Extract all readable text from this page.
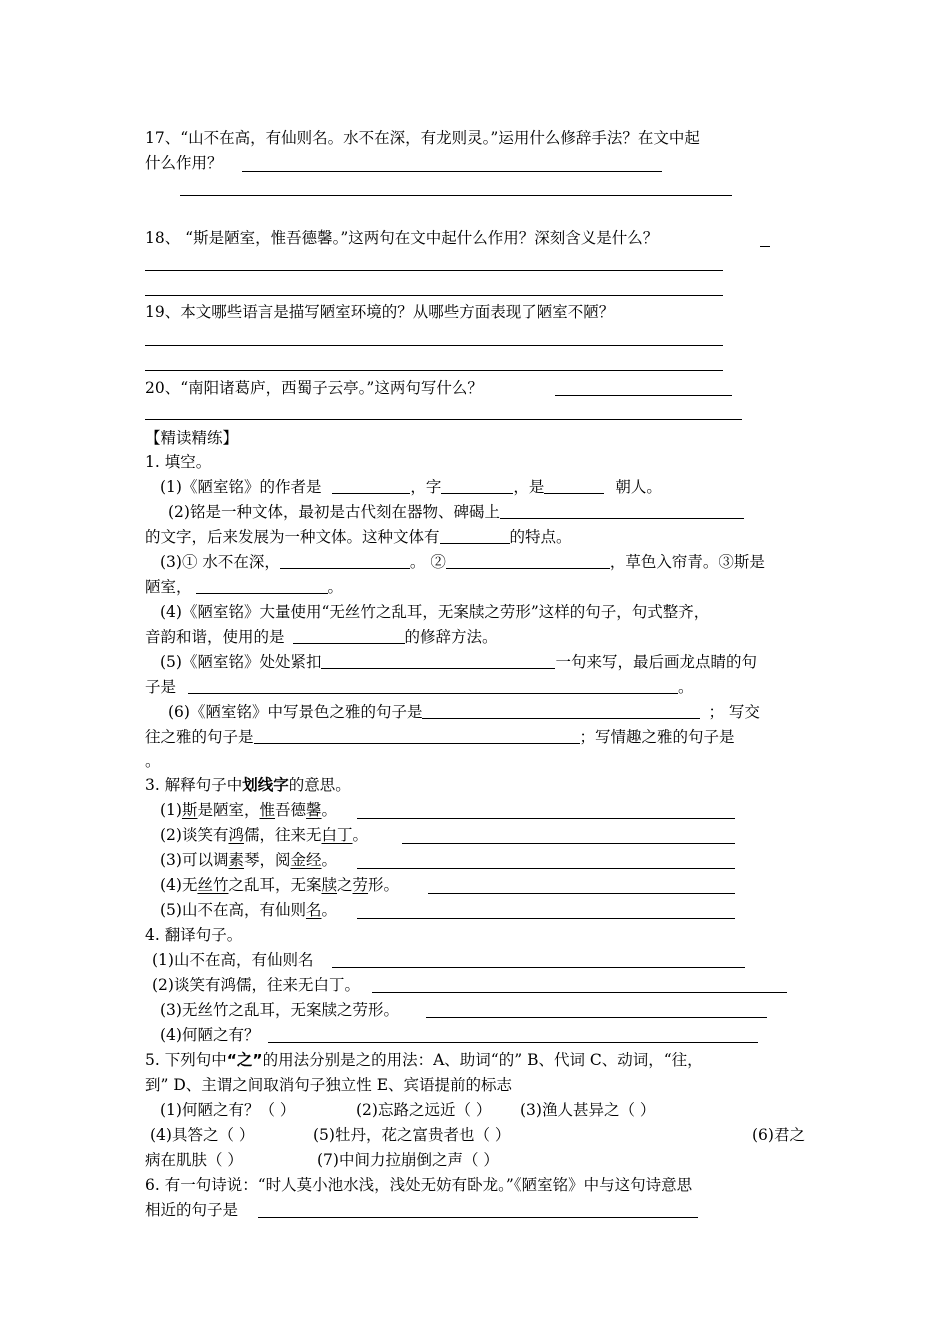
17、“山不在高，有仙则名。水不在深，有龙则灵。”运用什么修辞手法？在文中起
什么作用？
18、 “斯是陋室，惟吾德馨。”这两句在文中起什么作用？深刻含义是什么？
19、本文哪些语言是描写陋室环境的？从哪些方面表现了陋室不陋？
20、“南阳诸葛庐，西蜀子云亭。”这两句写什么？
【精读精练】
1. 填空。
(1)《陋室铭》的作者是	，字	，是	朝人。
(2)铭是一种文体，最初是古代刻在器物、碑碣上
的文字，后来发展为一种文体。这种文体有	的特点。
(3)① 水不在深，	。 ②	，草色入帘青。③斯是
陋室，	。
(4)《陋室铭》大量使用“无丝竹之乱耳，无案牍之劳形”这样的句子，句式整齐，
音韵和谐，使用的是	的修辞方法。
(5)《陋室铭》处处紧扣	一句来写，最后画龙点睛的句
子是	。
(6)《陋室铭》中写景色之雅的句子是	； 写交
往之雅的句子是	；写情趣之雅的句子是
。
3. 解释句子中划线字的意思。
(1)斯是陋室，惟吾德馨。
(2)谈笑有鸿儒，往来无白丁。
(3)可以调素琴，阅金经。
(4)无丝竹之乱耳，无案牍之劳形。
(5)山不在高，有仙则名。
4. 翻译句子。
(1)山不在高，有仙则名
(2)谈笑有鸿儒，往来无白丁。
(3)无丝竹之乱耳，无案牍之劳形。
(4)何陋之有？
5. 下列句中“之”的用法分别是之的用法：A、助词“的” B、代词 C、动词，“往，
到” D、主谓之间取消句子独立性 E、宾语提前的标志
(1)何陋之有？（ ）	(2)忘路之远近（ ） (3)渔人甚异之（ ）
(4)具答之（ ）	(5)牡丹，花之富贵者也（ ）	(6)君之
病在肌肤（ ）	(7)中间力拉崩倒之声（ ）
6. 有一句诗说：“时人莫小池水浅，浅处无妨有卧龙。”《陋室铭》中与这句诗意思
相近的句子是
